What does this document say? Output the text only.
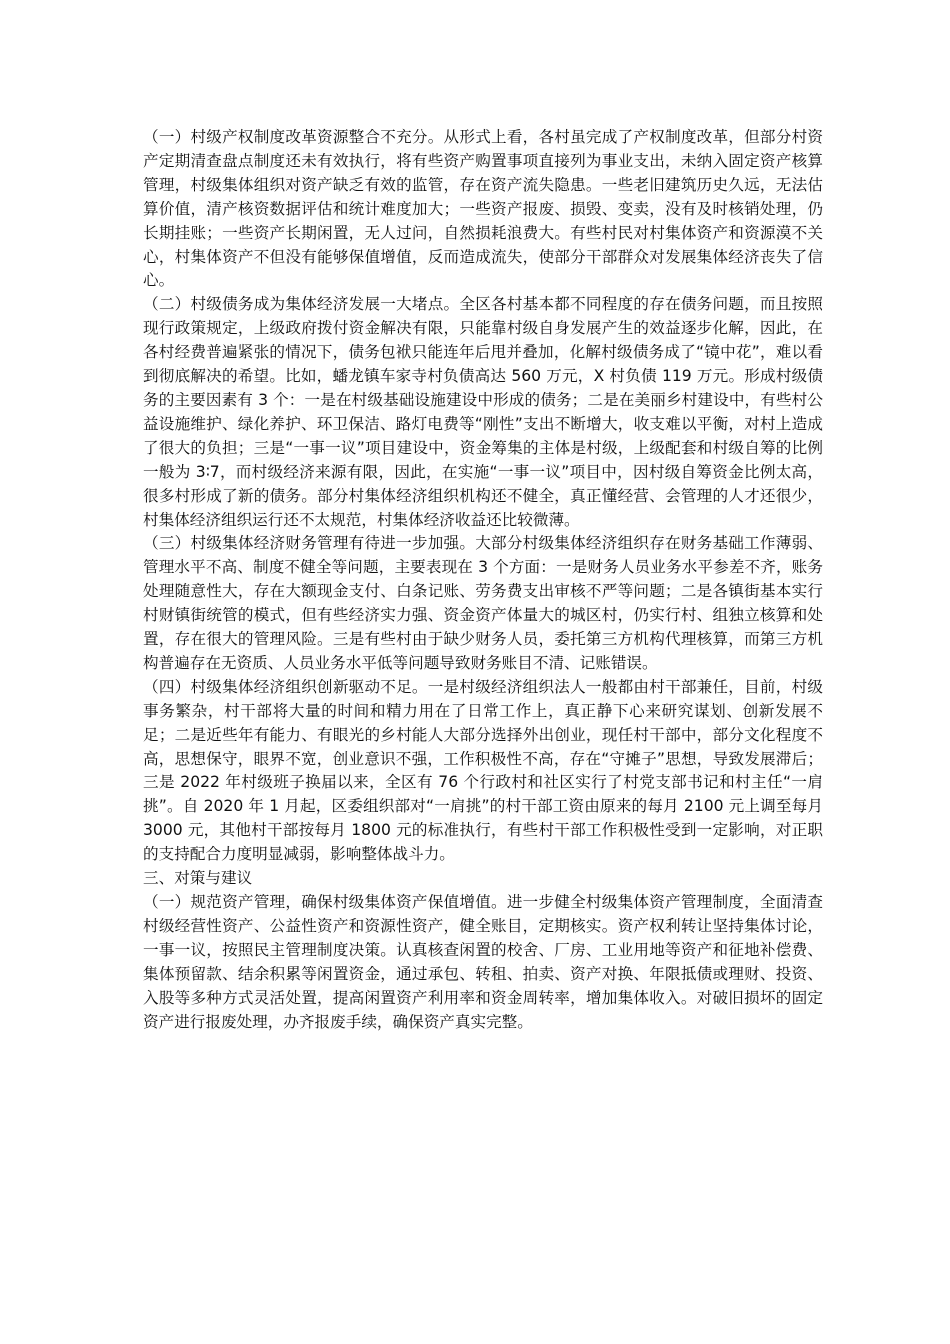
（一）村级产权制度改革资源整合不充分。从形式上看，各村虽完成了产权制度改革，但部分村资产定期清查盘点制度还未有效执行，将有些资产购置事项直接列为事业支出，未纳入固定资产核算管理，村级集体组织对资产缺乏有效的监管，存在资产流失隐患。一些老旧建筑历史久远，无法估算价值，清产核资数据评估和统计难度加大；一些资产报废、损毁、变卖，没有及时核销处理，仍长期挂账；一些资产长期闲置，无人过问，自然损耗浪费大。有些村民对村集体资产和资源漠不关心，村集体资产不但没有能够保值增值，反而造成流失，使部分干部群众对发展集体经济丧失了信心。

（二）村级债务成为集体经济发展一大堵点。全区各村基本都不同程度的存在债务问题，而且按照现行政策规定，上级政府拨付资金解决有限，只能靠村级自身发展产生的效益逐步化解，因此，在各村经费普遍紧张的情况下，债务包袱只能连年后甩并叠加，化解村级债务成了“镜中花”，难以看到彻底解决的希望。比如，蟠龙镇车家寺村负债高达 560 万元，X 村负债 119 万元。形成村级债务的主要因素有 3 个：一是在村级基础设施建设中形成的债务；二是在美丽乡村建设中，有些村公益设施维护、绿化养护、环卫保洁、路灯电费等“刚性”支出不断增大，收支难以平衡，对村上造成了很大的负担；三是“一事一议”项目建设中，资金筹集的主体是村级，上级配套和村级自筹的比例一般为 3∶7，而村级经济来源有限，因此，在实施“一事一议”项目中，因村级自筹资金比例太高，很多村形成了新的债务。部分村集体经济组织机构还不健全，真正懂经营、会管理的人才还很少，村集体经济组织运行还不太规范，村集体经济收益还比较微薄。

（三）村级集体经济财务管理有待进一步加强。大部分村级集体经济组织存在财务基础工作薄弱、管理水平不高、制度不健全等问题，主要表现在 3 个方面：一是财务人员业务水平参差不齐，账务处理随意性大，存在大额现金支付、白条记账、劳务费支出审核不严等问题；二是各镇街基本实行村财镇街统管的模式，但有些经济实力强、资金资产体量大的城区村，仍实行村、组独立核算和处置，存在很大的管理风险。三是有些村由于缺少财务人员，委托第三方机构代理核算，而第三方机构普遍存在无资质、人员业务水平低等问题导致财务账目不清、记账错误。

（四）村级集体经济组织创新驱动不足。一是村级经济组织法人一般都由村干部兼任，目前，村级事务繁杂，村干部将大量的时间和精力用在了日常工作上，真正静下心来研究谋划、创新发展不足；二是近些年有能力、有眼光的乡村能人大部分选择外出创业，现任村干部中，部分文化程度不高，思想保守，眼界不宽，创业意识不强，工作积极性不高，存在“守摊子”思想，导致发展滞后；三是 2022 年村级班子换届以来，全区有 76 个行政村和社区实行了村党支部书记和村主任“一肩挑”。自 2020 年 1 月起，区委组织部对“一肩挑”的村干部工资由原来的每月 2100 元上调至每月 3000 元，其他村干部按每月 1800 元的标准执行，有些村干部工作积极性受到一定影响，对正职的支持配合力度明显减弱，影响整体战斗力。

三、对策与建议

（一）规范资产管理，确保村级集体资产保值增值。进一步健全村级集体资产管理制度，全面清查村级经营性资产、公益性资产和资源性资产，健全账目，定期核实。资产权利转让坚持集体讨论，一事一议，按照民主管理制度决策。认真核查闲置的校舍、厂房、工业用地等资产和征地补偿费、集体预留款、结余积累等闲置资金，通过承包、转租、拍卖、资产对换、年限抵债或理财、投资、入股等多种方式灵活处置，提高闲置资产利用率和资金周转率，增加集体收入。对破旧损坏的固定资产进行报废处理，办齐报废手续，确保资产真实完整。
